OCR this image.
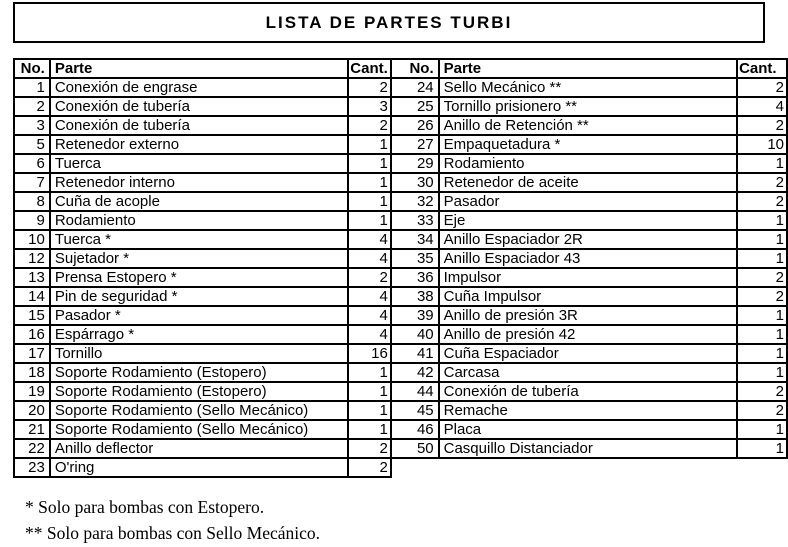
LISTA DE PARTES TURBI
No.	Parte	Cant.
1	Conexión de engrase	2
2	Conexión de tubería	3
3	Conexión de tubería	2
5	Retenedor externo	1
6	Tuerca	1
7	Retenedor interno	1
8	Cuña de acople	1
9	Rodamiento	1
10	Tuerca *	4
12	Sujetador *	4
13	Prensa Estopero *	2
14	Pin de seguridad *	4
15	Pasador *	4
16	Espárrago *	4
17	Tornillo	16
18	Soporte Rodamiento (Estopero)	1
19	Soporte Rodamiento (Estopero)	1
20	Soporte Rodamiento (Sello Mecánico)	1
21	Soporte Rodamiento (Sello Mecánico)	1
22	Anillo deflector	2
23	O'ring	2
No.	Parte	Cant.
24	Sello Mecánico **	2
25	Tornillo prisionero **	4
26	Anillo de Retención **	2
27	Empaquetadura *	10
29	Rodamiento	1
30	Retenedor de aceite	2
32	Pasador	2
33	Eje	1
34	Anillo Espaciador 2R	1
35	Anillo Espaciador 43	1
36	Impulsor	2
38	Cuña Impulsor	2
39	Anillo de presión 3R	1
40	Anillo de presión 42	1
41	Cuña Espaciador	1
42	Carcasa	1
44	Conexión de tubería	2
45	Remache	2
46	Placa	1
50	Casquillo Distanciador	1
* Solo para bombas con Estopero.
** Solo para bombas con Sello Mecánico.
